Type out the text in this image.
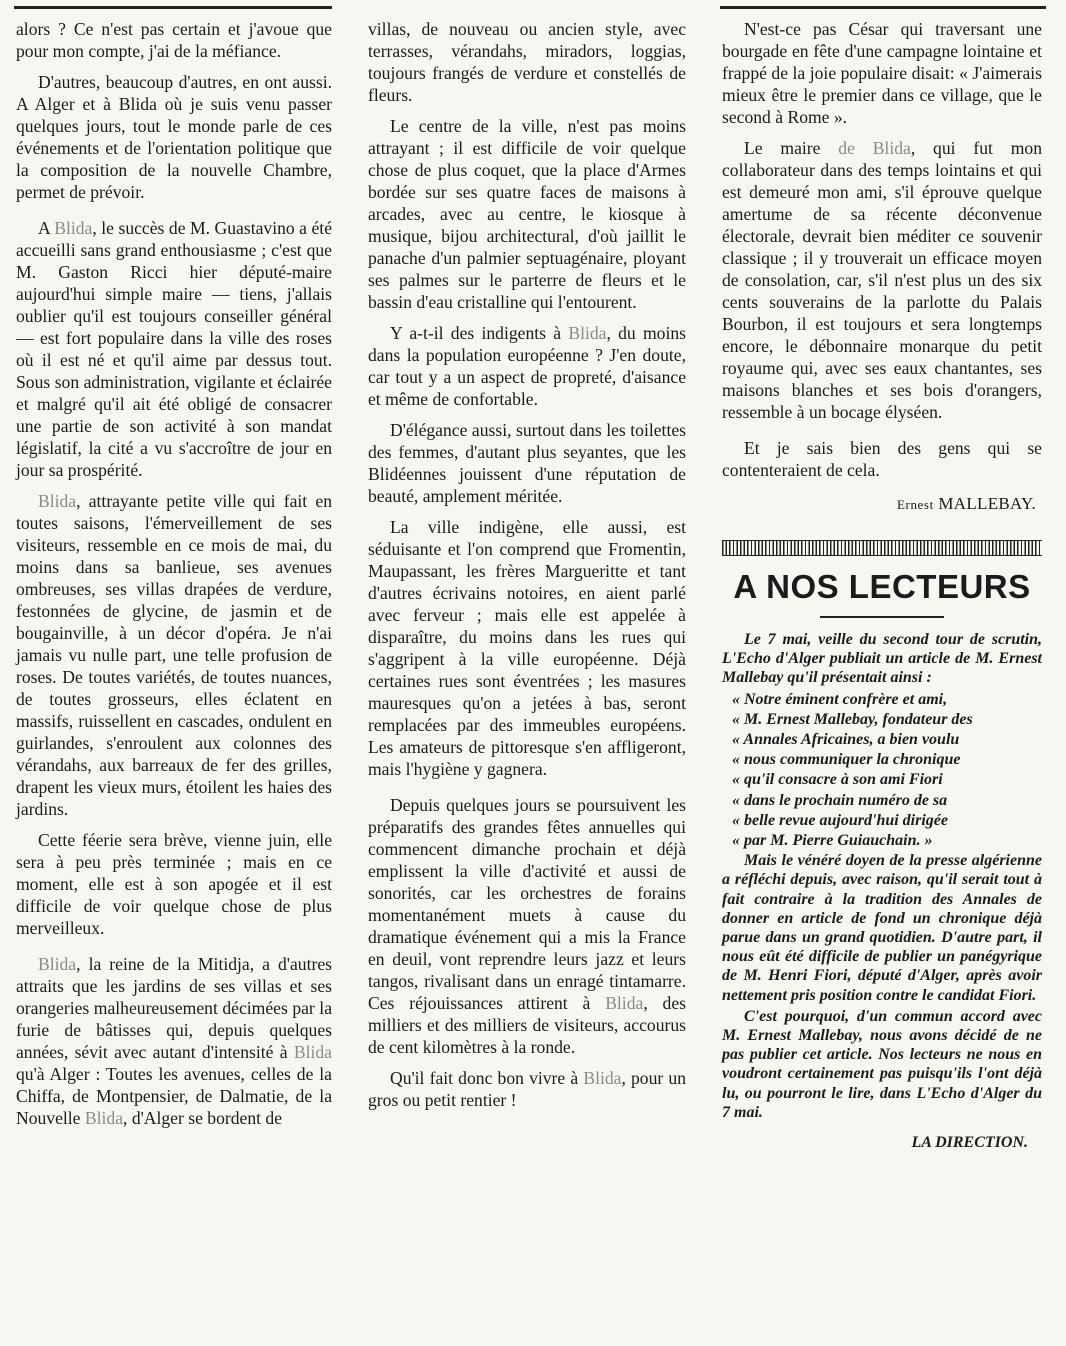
alors ? Ce n'est pas certain et j'avoue que pour mon compte, j'ai de la méfiance.

D'autres, beaucoup d'autres, en ont aussi. A Alger et à Blida où je suis venu passer quelques jours, tout le monde parle de ces événements et de l'orientation politique que la composition de la nouvelle Chambre, permet de prévoir.

A Blida, le succès de M. Guastavino a été accueilli sans grand enthousiasme ; c'est que M. Gaston Ricci hier député-maire aujourd'hui simple maire — tiens, j'allais oublier qu'il est toujours conseiller général — est fort populaire dans la ville des roses où il est né et qu'il aime par dessus tout. Sous son administration, vigilante et éclairée et malgré qu'il ait été obligé de consacrer une partie de son activité à son mandat législatif, la cité a vu s'accroître de jour en jour sa prospérité.

Blida, attrayante petite ville qui fait en toutes saisons, l'émerveillement de ses visiteurs, ressemble en ce mois de mai, du moins dans sa banlieue, ses avenues ombreuses, ses villas drapées de verdure, festonnées de glycine, de jasmin et de bougainville, à un décor d'opéra. Je n'ai jamais vu nulle part, une telle profusion de roses. De toutes variétés, de toutes nuances, de toutes grosseurs, elles éclatent en massifs, ruissellent en cascades, ondulent en guirlandes, s'enroulent aux colonnes des vérandahs, aux barreaux de fer des grilles, drapent les vieux murs, étoilent les haies des jardins.

Cette féerie sera brève, vienne juin, elle sera à peu près terminée ; mais en ce moment, elle est à son apogée et il est difficile de voir quelque chose de plus merveilleux.

Blida, la reine de la Mitidja, a d'autres attraits que les jardins de ses villas et ses orangeries malheureusement décimées par la furie de bâtisses qui, depuis quelques années, sévit avec autant d'intensité à Blida qu'à Alger : Toutes les avenues, celles de la Chiffa, de Montpensier, de Dalmatie, de la Nouvelle Blida, d'Alger se bordent de

villas, de nouveau ou ancien style, avec terrasses, vérandahs, miradors, loggias, toujours frangés de verdure et constellés de fleurs.

Le centre de la ville, n'est pas moins attrayant ; il est difficile de voir quelque chose de plus coquet, que la place d'Armes bordée sur ses quatre faces de maisons à arcades, avec au centre, le kiosque à musique, bijou architectural, d'où jaillit le panache d'un palmier septuagénaire, ployant ses palmes sur le parterre de fleurs et le bassin d'eau cristalline qui l'entourent.

Y a-t-il des indigents à Blida, du moins dans la population européenne ? J'en doute, car tout y a un aspect de propreté, d'aisance et même de confortable.

D'élégance aussi, surtout dans les toilettes des femmes, d'autant plus seyantes, que les Blidéennes jouissent d'une réputation de beauté, amplement méritée.

La ville indigène, elle aussi, est séduisante et l'on comprend que Fromentin, Maupassant, les frères Margueritte et tant d'autres écrivains notoires, en aient parlé avec ferveur ; mais elle est appelée à disparaître, du moins dans les rues qui s'aggripent à la ville européenne. Déjà certaines rues sont éventrées ; les masures mauresques qu'on a jetées à bas, seront remplacées par des immeubles européens. Les amateurs de pittoresque s'en affligeront, mais l'hygiène y gagnera.

Depuis quelques jours se poursuivent les préparatifs des grandes fêtes annuelles qui commencent dimanche prochain et déjà emplissent la ville d'activité et aussi de sonorités, car les orchestres de forains momentanément muets à cause du dramatique événement qui a mis la France en deuil, vont reprendre leurs jazz et leurs tangos, rivalisant dans un enragé tintamarre. Ces réjouissances attirent à Blida, des milliers et des milliers de visiteurs, accourus de cent kilomètres à la ronde.

Qu'il fait donc bon vivre à Blida, pour un gros ou petit rentier !

N'est-ce pas César qui traversant une bourgade en fête d'une campagne lointaine et frappé de la joie populaire disait: « J'aimerais mieux être le premier dans ce village, que le second à Rome ».

Le maire de Blida, qui fut mon collaborateur dans des temps lointains et qui est demeuré mon ami, s'il éprouve quelque amertume de sa récente déconvenue électorale, devrait bien méditer ce souvenir classique ; il y trouverait un efficace moyen de consolation, car, s'il n'est plus un des six cents souverains de la parlotte du Palais Bourbon, il est toujours et sera longtemps encore, le débonnaire monarque du petit royaume qui, avec ses eaux chantantes, ses maisons blanches et ses bois d'orangers, ressemble à un bocage élyséen.

Et je sais bien des gens qui se contenteraient de cela.

Ernest MALLEBAY.
A NOS LECTEURS

Le 7 mai, veille du second tour de scrutin, L'Echo d'Alger publiait un article de M. Ernest Mallebay qu'il présentait ainsi :

« Notre éminent confrère et ami,

« M. Ernest Mallebay, fondateur des

« Annales Africaines, a bien voulu

« nous communiquer la chronique

« qu'il consacre à son ami Fiori

« dans le prochain numéro de sa

« belle revue aujourd'hui dirigée

« par M. Pierre Guiauchain. »

Mais le vénéré doyen de la presse algérienne a réfléchi depuis, avec raison, qu'il serait tout à fait contraire à la tradition des Annales de donner en article de fond un chronique déjà parue dans un grand quotidien. D'autre part, il nous eût été difficile de publier un panégyrique de M. Henri Fiori, député d'Alger, après avoir nettement pris position contre le candidat Fiori.

C'est pourquoi, d'un commun accord avec M. Ernest Mallebay, nous avons décidé de ne pas publier cet article. Nos lecteurs ne nous en voudront certainement pas puisqu'ils l'ont déjà lu, ou pourront le lire, dans L'Echo d'Alger du 7 mai.

LA DIRECTION.
